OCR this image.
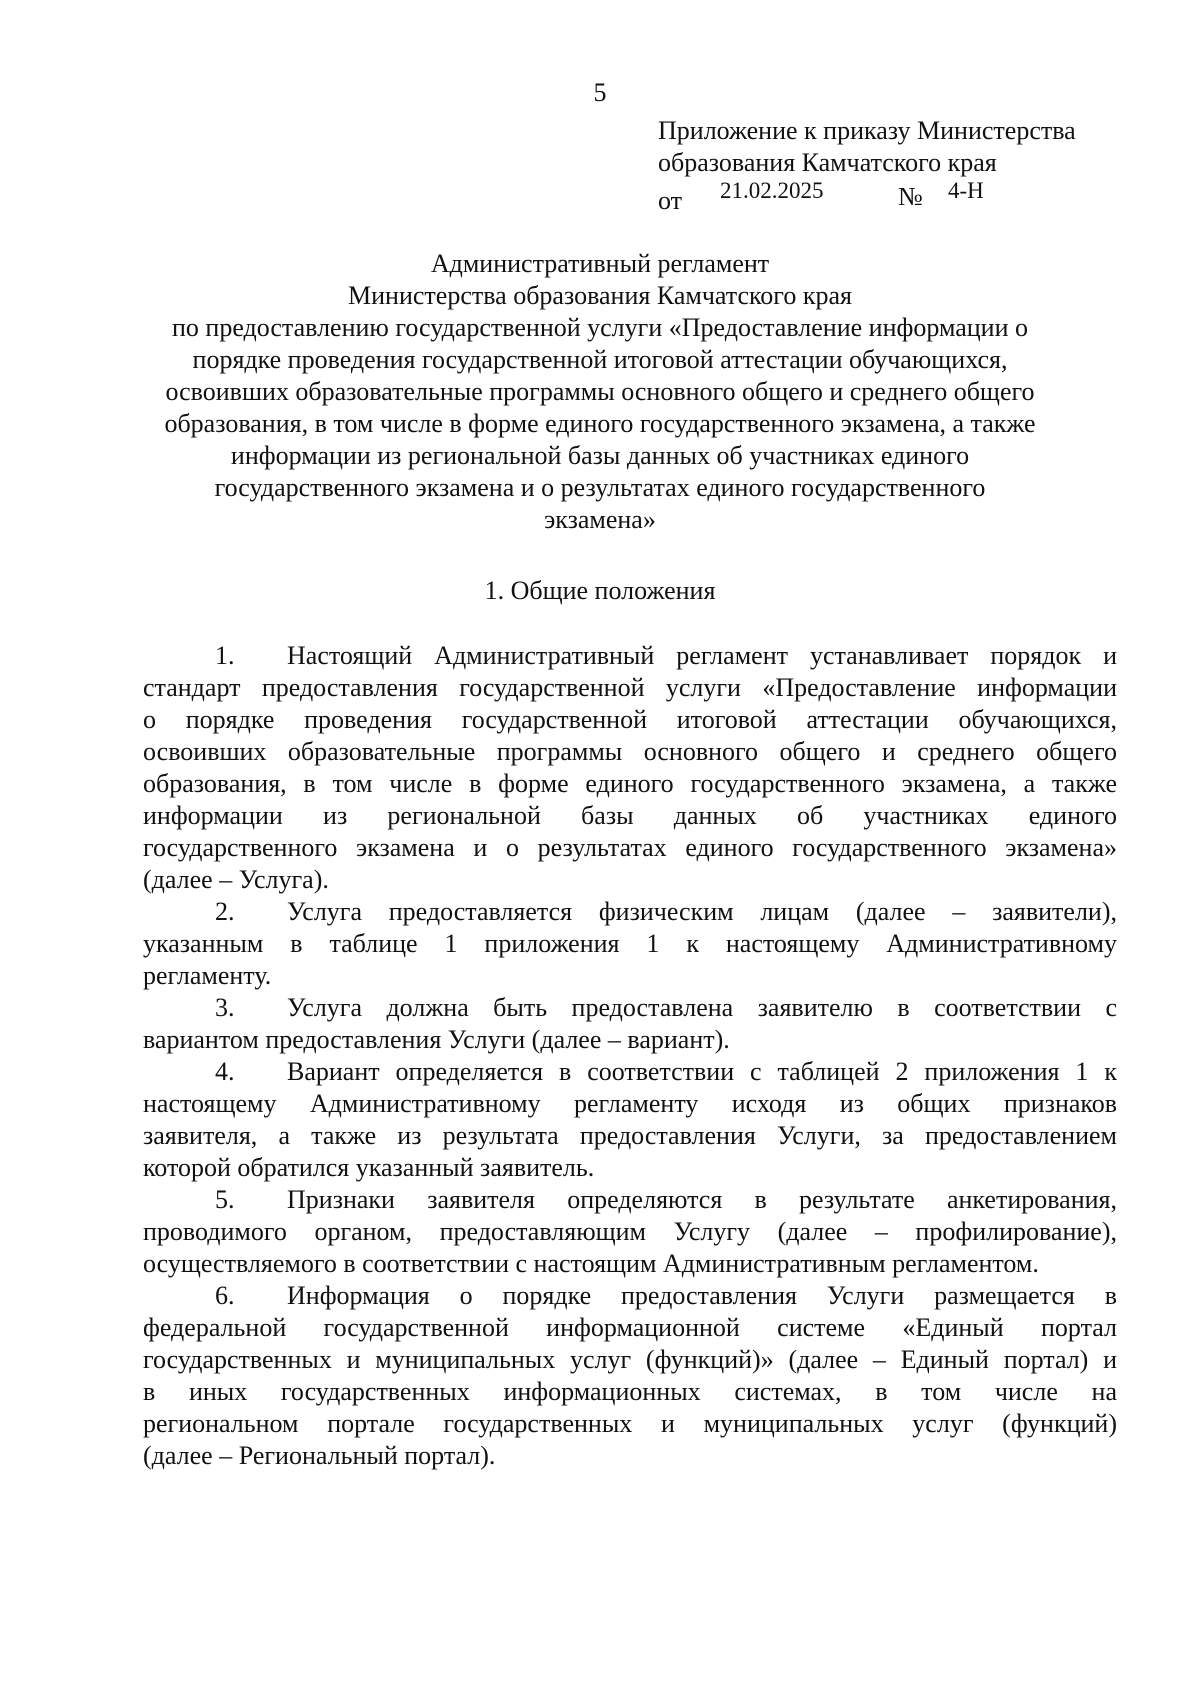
5
Приложение к приказу Министерства
образования Камчатского края
от 21.02.2025	№ 4-Н
Административный регламент
Министерства образования Камчатского края
по предоставлению государственной услуги «Предоставление информации о
порядке проведения государственной итоговой аттестации обучающихся,
освоивших образовательные программы основного общего и среднего общего
образования, в том числе в форме единого государственного экзамена, а также
информации из региональной базы данных об участниках единого
государственного экзамена и о результатах единого государственного
экзамена»
1. Общие положения
1. Настоящий Административный регламент устанавливает порядок и
стандарт предоставления государственной услуги «Предоставление информации
о порядке проведения государственной итоговой аттестации обучающихся,
освоивших образовательные программы основного общего и среднего общего
образования, в том числе в форме единого государственного экзамена, а также
информации из региональной базы данных об участниках единого
государственного экзамена и о результатах единого государственного экзамена»
(далее – Услуга).
2. Услуга предоставляется физическим лицам (далее – заявители),
указанным в таблице 1 приложения 1 к настоящему Административному
регламенту.
3. Услуга должна быть предоставлена заявителю в соответствии с
вариантом предоставления Услуги (далее – вариант).
4. Вариант определяется в соответствии с таблицей 2 приложения 1 к
настоящему Административному регламенту исходя из общих признаков
заявителя, а также из результата предоставления Услуги, за предоставлением
которой обратился указанный заявитель.
5. Признаки заявителя определяются в результате анкетирования,
проводимого органом, предоставляющим Услугу (далее – профилирование),
осуществляемого в соответствии с настоящим Административным регламентом.
6. Информация о порядке предоставления Услуги размещается в
федеральной государственной информационной системе «Единый портал
государственных и муниципальных услуг (функций)» (далее – Единый портал) и
в иных государственных информационных системах, в том числе на
региональном портале государственных и муниципальных услуг (функций)
(далее – Региональный портал).
